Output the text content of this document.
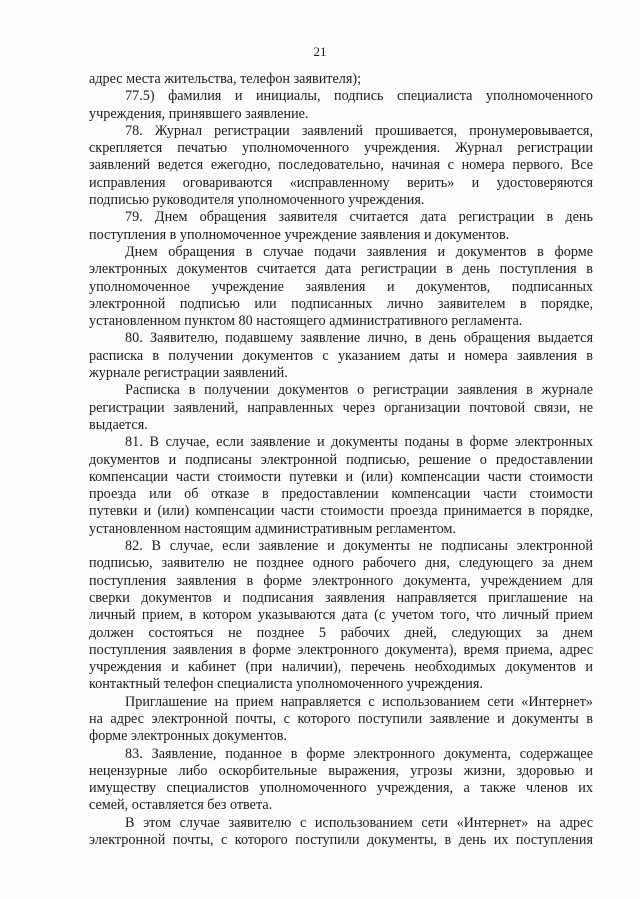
21
адрес места жительства, телефон заявителя);
77.5) фамилия и инициалы, подпись специалиста уполномоченного
учреждения, принявшего заявление.
78. Журнал регистрации заявлений прошивается, пронумеровывается,
скрепляется печатью уполномоченного учреждения. Журнал регистрации
заявлений ведется ежегодно, последовательно, начиная с номера первого. Все
исправления оговариваются «исправленному верить» и удостоверяются
подписью руководителя уполномоченного учреждения.
79. Днем обращения заявителя считается дата регистрации в день
поступления в уполномоченное учреждение заявления и документов.
Днем обращения в случае подачи заявления и документов в форме
электронных документов считается дата регистрации в день поступления в
уполномоченное учреждение заявления и документов, подписанных
электронной подписью или подписанных лично заявителем в порядке,
установленном пунктом 80 настоящего административного регламента.
80. Заявителю, подавшему заявление лично, в день обращения выдается
расписка в получении документов с указанием даты и номера заявления в
журнале регистрации заявлений.
Расписка в получении документов о регистрации заявления в журнале
регистрации заявлений, направленных через организации почтовой связи, не
выдается.
81. В случае, если заявление и документы поданы в форме электронных
документов и подписаны электронной подписью, решение о предоставлении
компенсации части стоимости путевки и (или) компенсации части стоимости
проезда или об отказе в предоставлении компенсации части стоимости
путевки и (или) компенсации части стоимости проезда принимается в порядке,
установленном настоящим административным регламентом.
82. В случае, если заявление и документы не подписаны электронной
подписью, заявителю не позднее одного рабочего дня, следующего за днем
поступления заявления в форме электронного документа, учреждением для
сверки документов и подписания заявления направляется приглашение на
личный прием, в котором указываются дата (с учетом того, что личный прием
должен состояться не позднее 5 рабочих дней, следующих за днем
поступления заявления в форме электронного документа), время приема, адрес
учреждения и кабинет (при наличии), перечень необходимых документов и
контактный телефон специалиста уполномоченного учреждения.
Приглашение на прием направляется с использованием сети «Интернет»
на адрес электронной почты, с которого поступили заявление и документы в
форме электронных документов.
83. Заявление, поданное в форме электронного документа, содержащее
нецензурные либо оскорбительные выражения, угрозы жизни, здоровью и
имуществу специалистов уполномоченного учреждения, а также членов их
семей, оставляется без ответа.
В этом случае заявителю с использованием сети «Интернет» на адрес
электронной почты, с которого поступили документы, в день их поступления
